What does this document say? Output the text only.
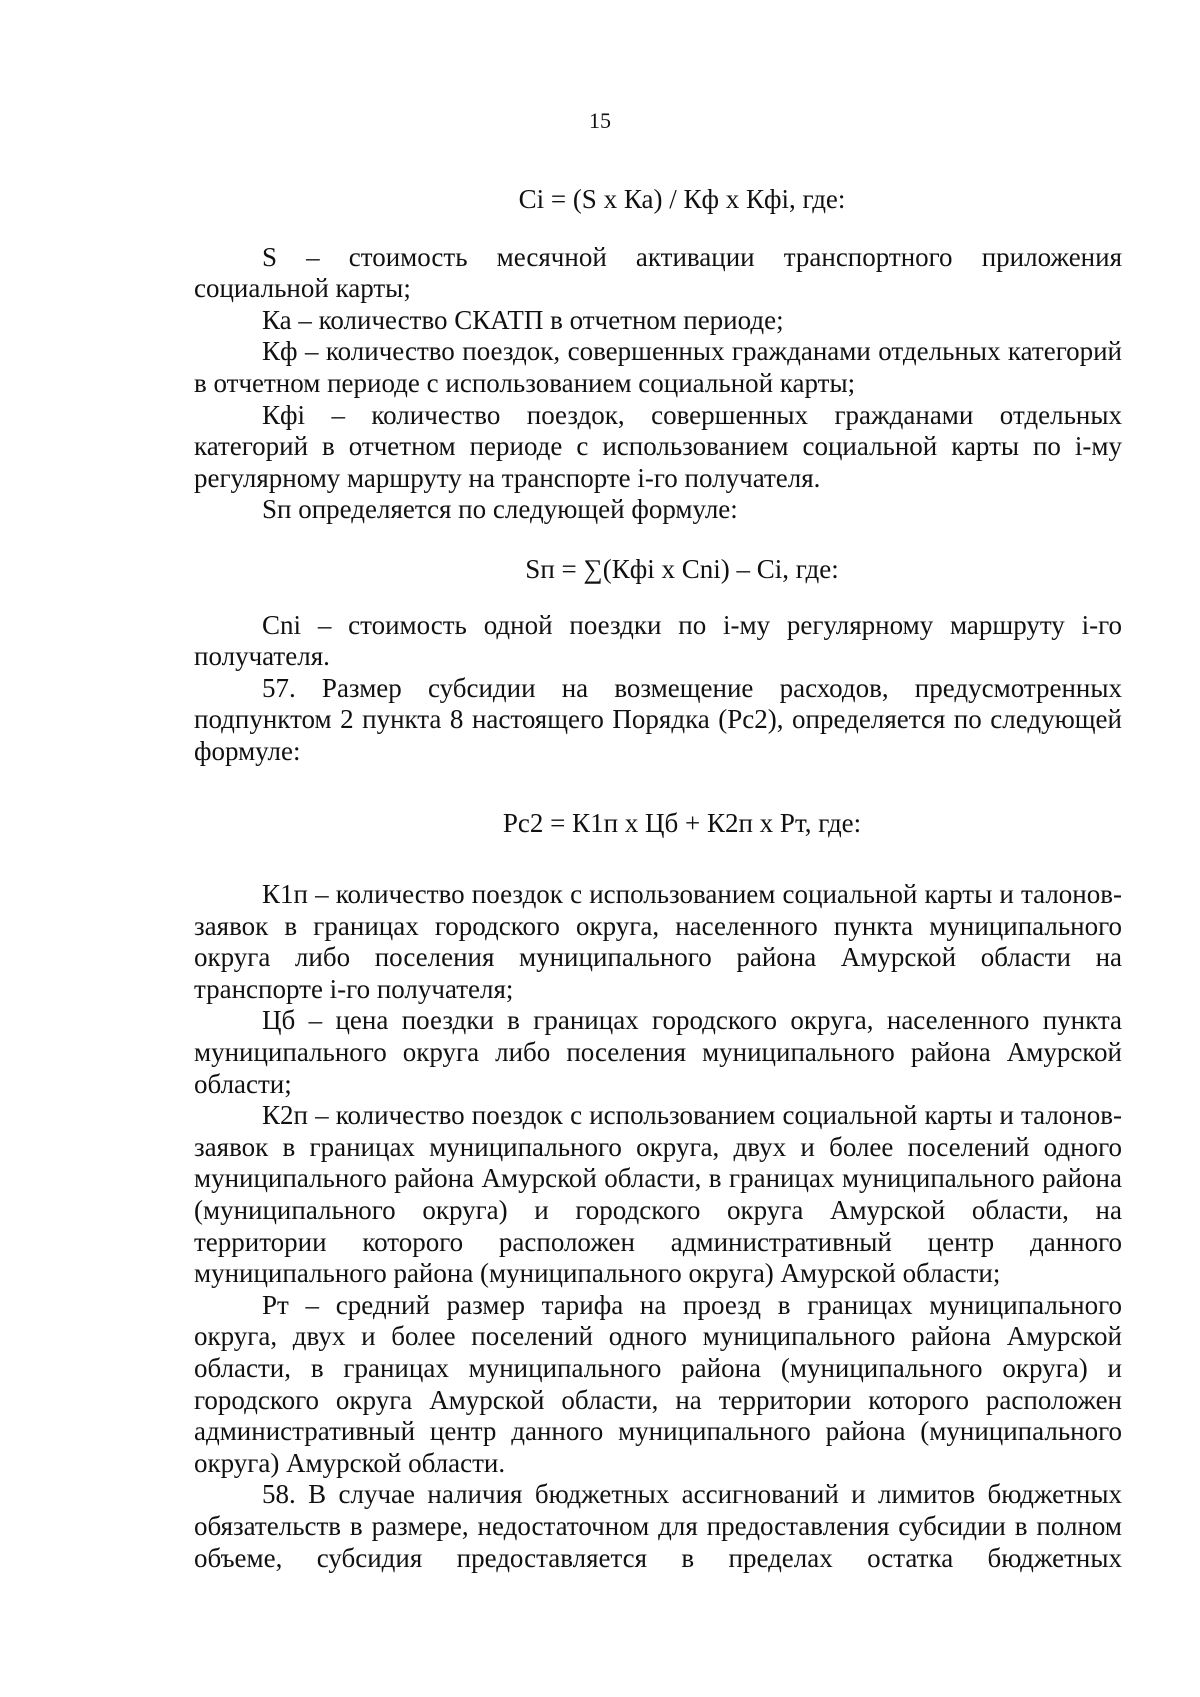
15

Сi = (S х Ка) / Кф х Кфi, где:

S – стоимость месячной активации транспортного приложения социальной карты;

Ка – количество СКАТП в отчетном периоде;

Кф – количество поездок, совершенных гражданами отдельных категорий в отчетном периоде с использованием социальной карты;

Кфi – количество поездок, совершенных гражданами отдельных категорий в отчетном периоде с использованием социальной карты по i-му регулярному маршруту на транспорте i-го получателя.

Sп определяется по следующей формуле:

Sп = ∑(Кфi х Сni) – Сi, где:

Сni – стоимость одной поездки по i-му регулярному маршруту i-го получателя.

57. Размер субсидии на возмещение расходов, предусмотренных подпунктом 2 пункта 8 настоящего Порядка (Рс2), определяется по следующей формуле:

Рс2 = К1п х Цб + К2п х Рт, где:

К1п – количество поездок с использованием социальной карты и талонов-заявок в границах городского округа, населенного пункта муниципального округа либо поселения муниципального района Амурской области на транспорте i-го получателя;

Цб – цена поездки в границах городского округа, населенного пункта муниципального округа либо поселения муниципального района Амурской области;

К2п – количество поездок с использованием социальной карты и талонов-заявок в границах муниципального округа, двух и более поселений одного муниципального района Амурской области, в границах муниципального района (муниципального округа) и городского округа Амурской области, на территории которого расположен административный центр данного муниципального района (муниципального округа) Амурской области;

Рт – средний размер тарифа на проезд в границах муниципального округа, двух и более поселений одного муниципального района Амурской области, в границах муниципального района (муниципального округа) и городского округа Амурской области, на территории которого расположен административный центр данного муниципального района (муниципального округа) Амурской области.

58. В случае наличия бюджетных ассигнований и лимитов бюджетных обязательств в размере, недостаточном для предоставления субсидии в полном объеме, субсидия предоставляется в пределах остатка бюджетных
